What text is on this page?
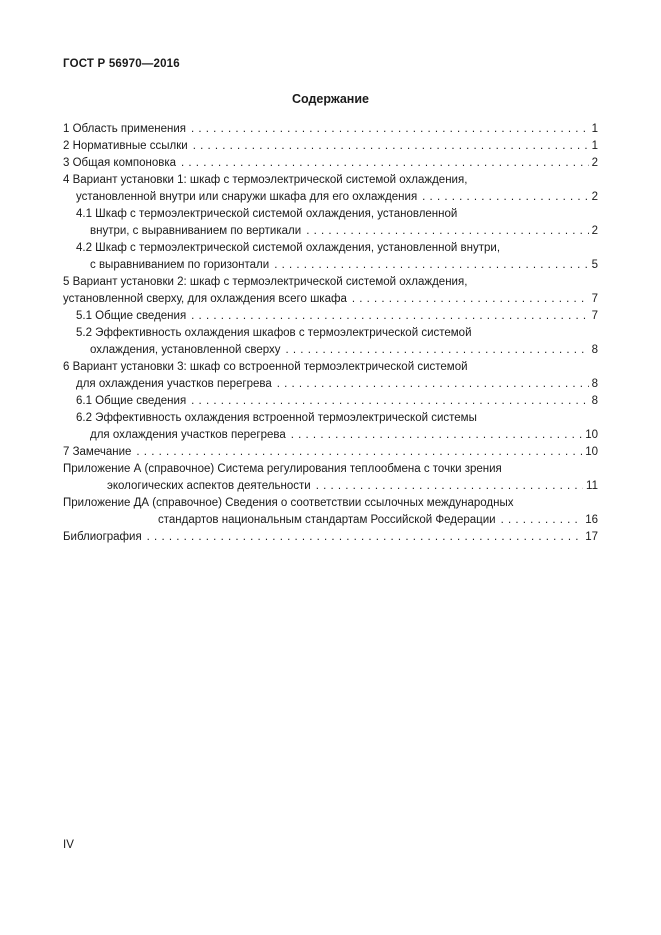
ГОСТ Р 56970—2016
Содержание
1 Область применения . . .	1
2 Нормативные ссылки . . .	1
3 Общая компоновка . . .	2
4 Вариант установки 1: шкаф с термоэлектрической системой охлаждения,
установленной внутри или снаружи шкафа для его охлаждения . . .	2
4.1 Шкаф с термоэлектрической системой охлаждения, установленной
внутри, с выравниванием по вертикали . . .	2
4.2 Шкаф с термоэлектрической системой охлаждения, установленной внутри,
с выравниванием по горизонтали . . .	5
5 Вариант установки 2: шкаф с термоэлектрической системой охлаждения,
установленной сверху, для охлаждения всего шкафа . . .	7
5.1 Общие сведения . . .	7
5.2 Эффективность охлаждения шкафов с термоэлектрической системой
охлаждения, установленной сверху . . .	8
6 Вариант установки 3: шкаф со встроенной термоэлектрической системой
для охлаждения участков перегрева . . .	8
6.1 Общие сведения . . .	8
6.2 Эффективность охлаждения встроенной термоэлектрической системы
для охлаждения участков перегрева . . .	10
7 Замечание . . .	10
Приложение А (справочное) Система регулирования теплообмена с точки зрения
экологических аспектов деятельности . . .	11
Приложение ДА (справочное) Сведения о соответствии ссылочных международных
стандартов национальным стандартам Российской Федерации . . .	16
Библиография . . .	17
IV
